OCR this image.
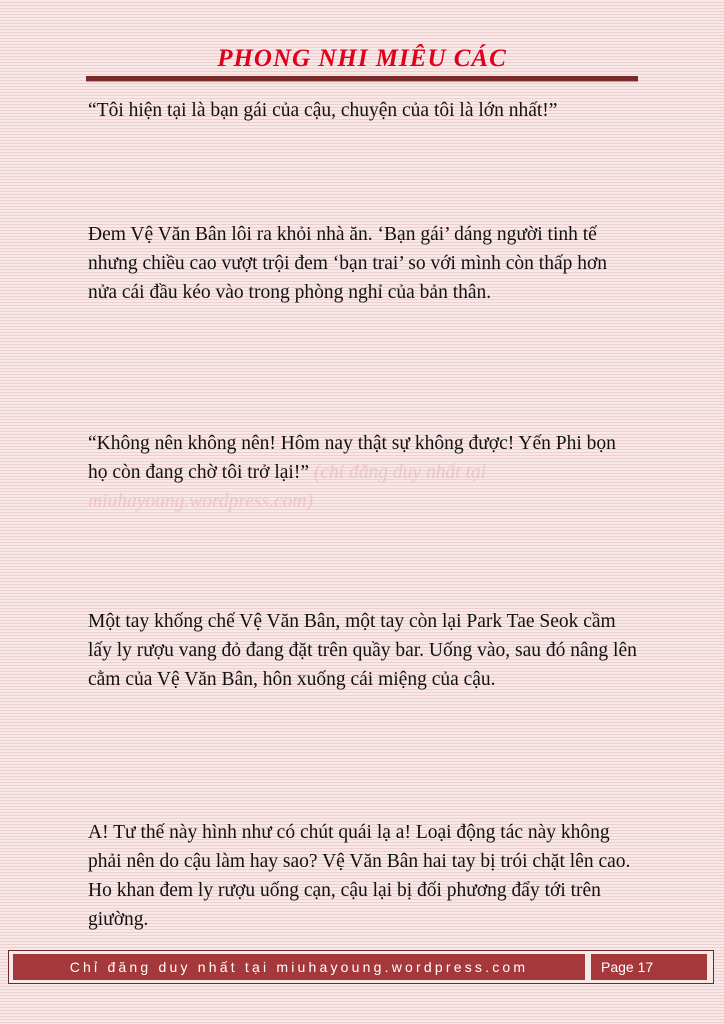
PHONG NHI MIÊU CÁC

“Tôi hiện tại là bạn gái của cậu, chuyện của tôi là lớn nhất!”

Đem Vệ Văn Bân lôi ra khỏi nhà ăn. ‘Bạn gái’ dáng người tinh tế nhưng chiều cao vượt trội đem ‘bạn trai’ so với mình còn thấp hơn nửa cái đầu kéo vào trong phòng nghỉ của bản thân.

“Không nên không nên! Hôm nay thật sự không được! Yến Phi bọn họ còn đang chờ tôi trở lại!” (chỉ đăng duy nhất tại miuhayoung.wordpress.com)

Một tay khống chế Vệ Văn Bân, một tay còn lại Park Tae Seok cầm lấy ly rượu vang đỏ đang đặt trên quầy bar. Uống vào, sau đó nâng lên cằm của Vệ Văn Bân, hôn xuống cái miệng của cậu.

A! Tư thế này hình như có chút quái lạ a! Loại động tác này không phải nên do cậu làm hay sao? Vệ Văn Bân hai tay bị trói chặt lên cao. Ho khan đem ly rượu uống cạn, cậu lại bị đối phương đẩy tới trên giường.

Chỉ đăng duy nhất tại miuhayoung.wordpress.com	Page 17
